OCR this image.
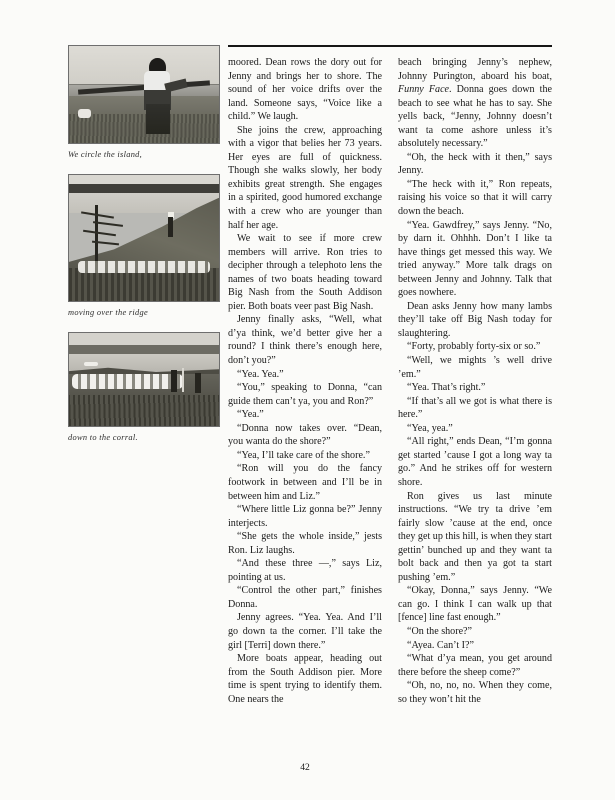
We circle the island,
moving over the ridge
down to the corral.

moored. Dean rows the dory out for Jenny and brings her to shore. The sound of her voice drifts over the land. Someone says, “Voice like a child.” We laugh.

She joins the crew, approaching with a vigor that belies her 73 years. Her eyes are full of quickness. Though she walks slowly, her body exhibits great strength. She engages in a spirited, good humored exchange with a crew who are younger than half her age.

We wait to see if more crew members will arrive. Ron tries to decipher through a telephoto lens the names of two boats heading toward Big Nash from the South Addison pier. Both boats veer past Big Nash.

Jenny finally asks, “Well, what d’ya think, we’d better give her a round? I think there’s enough here, don’t you?”

“Yea. Yea.”

“You,” speaking to Donna, “can guide them can’t ya, you and Ron?”

“Yea.”

“Donna now takes over. “Dean, you wanta do the shore?”

“Yea, I’ll take care of the shore.”

“Ron will you do the fancy footwork in between and I’ll be in between him and Liz.”

“Where little Liz gonna be?” Jenny interjects.

“She gets the whole inside,” jests Ron. Liz laughs.

“And these three —,” says Liz, pointing at us.

“Control the other part,” finishes Donna.

Jenny agrees. “Yea. Yea. And I’ll go down ta the corner. I’ll take the girl [Terri] down there.”

More boats appear, heading out from the South Addison pier. More time is spent trying to identify them. One nears the

beach bringing Jenny’s nephew, Johnny Purington, aboard his boat, Funny Face. Donna goes down the beach to see what he has to say. She yells back, “Jenny, Johnny doesn’t want ta come ashore unless it’s absolutely necessary.”

“Oh, the heck with it then,” says Jenny.

“The heck with it,” Ron repeats, raising his voice so that it will carry down the beach.

“Yea. Gawdfrey,” says Jenny. “No, by darn it. Ohhhh. Don’t I like ta have things get messed this way. We tried anyway.” More talk drags on between Jenny and Johnny. Talk that goes nowhere.

Dean asks Jenny how many lambs they’ll take off Big Nash today for slaughtering.

“Forty, probably forty-six or so.”

“Well, we mights ’s well drive ’em.”

“Yea. That’s right.”

“If that’s all we got is what there is here.”

“Yea, yea.”

“All right,” ends Dean, “I’m gonna get started ’cause I got a long way ta go.” And he strikes off for western shore.

Ron gives us last minute instructions. “We try ta drive ’em fairly slow ’cause at the end, once they get up this hill, is when they start gettin’ bunched up and they want ta bolt back and then ya got ta start pushing ’em.”

“Okay, Donna,” says Jenny. “We can go. I think I can walk up that [fence] line fast enough.”

“On the shore?”

“Ayea. Can’t I?”

“What d’ya mean, you get around there before the sheep come?”

“Oh, no, no, no. When they come, so they won’t hit the

42
